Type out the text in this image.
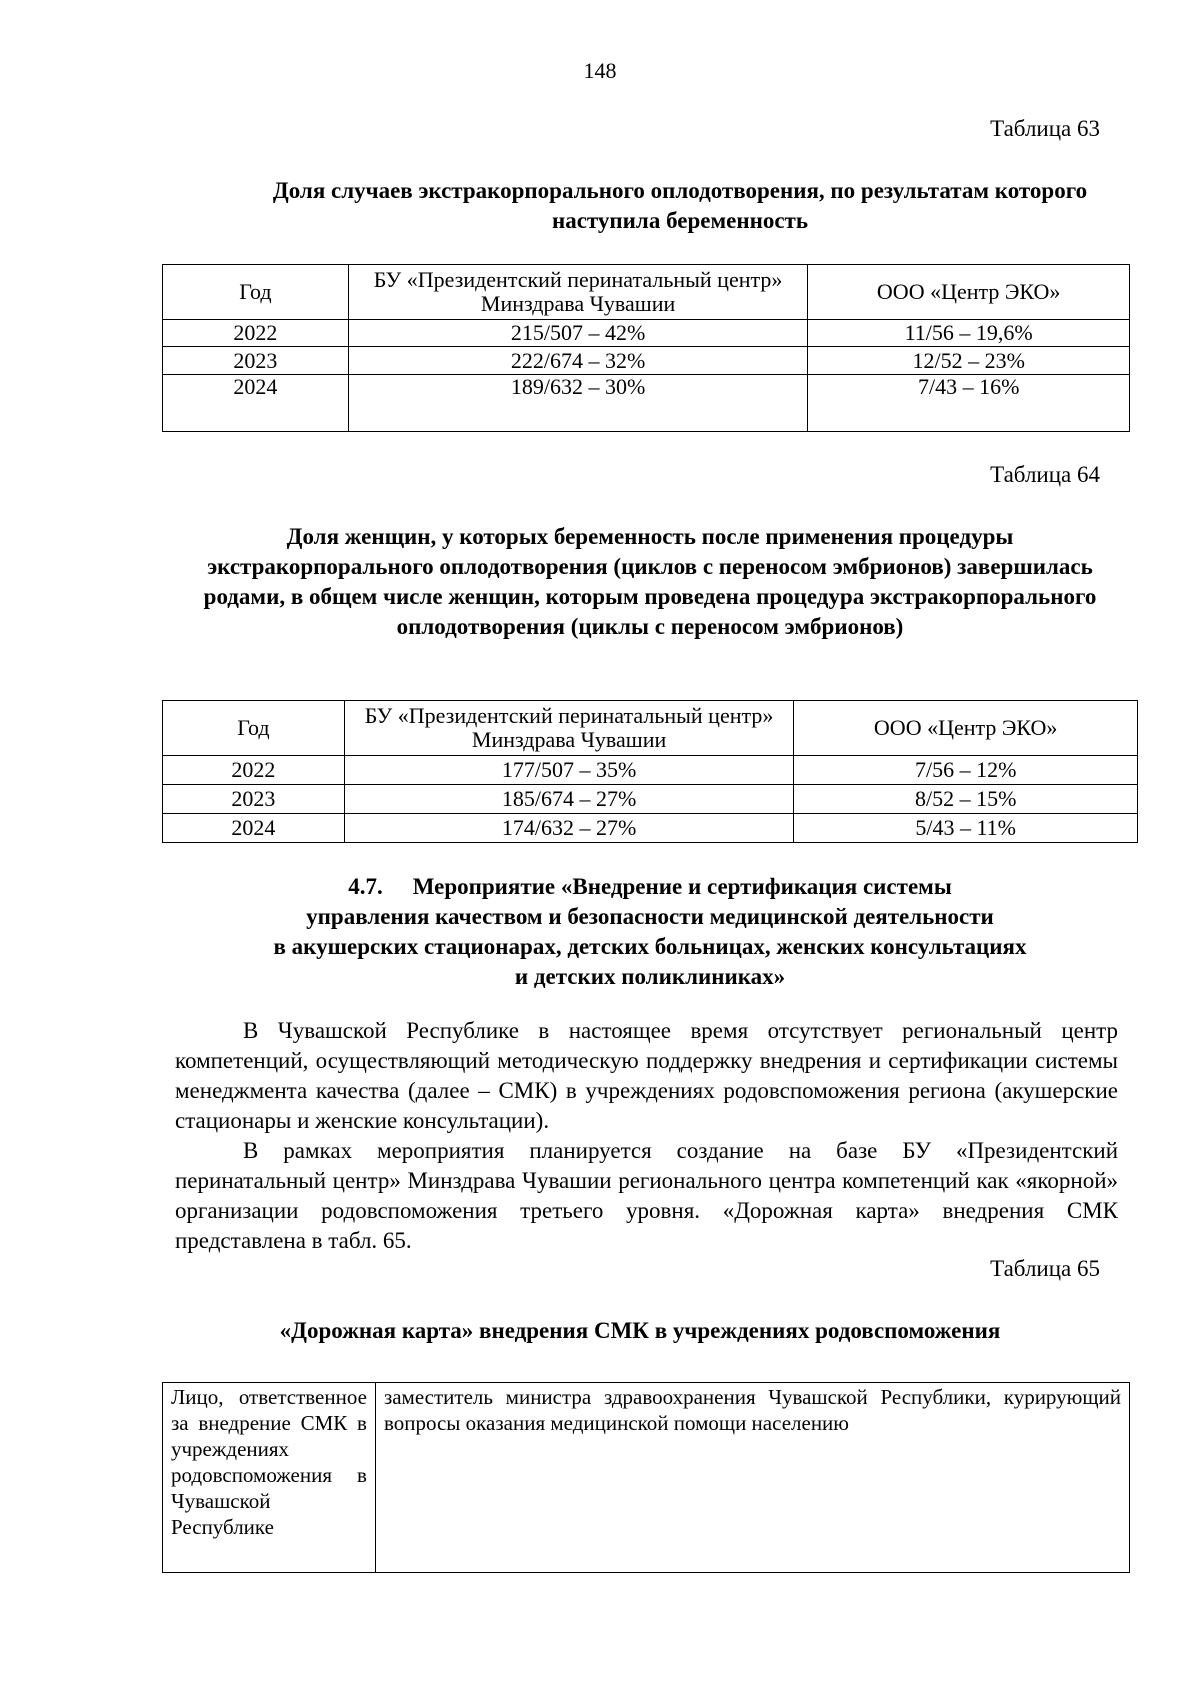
148
Таблица 63
Доля случаев экстракорпорального оплодотворения, по результатам которого наступила беременность
Год	БУ «Президентский перинатальный центр» Минздрава Чувашии	ООО «Центр ЭКО»
2022	215/507 – 42%	11/56 – 19,6%
2023	222/674 – 32%	12/52 – 23%
2024	189/632 – 30%	7/43 – 16%
Таблица 64
Доля женщин, у которых беременность после применения процедуры экстракорпорального оплодотворения (циклов с переносом эмбрионов) завершилась родами, в общем числе женщин, которым проведена процедура экстракорпорального оплодотворения (циклы с переносом эмбрионов)
Год	БУ «Президентский перинатальный центр» Минздрава Чувашии	ООО «Центр ЭКО»
2022	177/507 – 35%	7/56 – 12%
2023	185/674 – 27%	8/52 – 15%
2024	174/632 – 27%	5/43 – 11%
4.7. Мероприятие «Внедрение и сертификация системы
управления качеством и безопасности медицинской деятельности
в акушерских стационарах, детских больницах, женских консультациях
и детских поликлиниках»

В Чувашской Республике в настоящее время отсутствует региональный центр компетенций, осуществляющий методическую поддержку внедрения и сертификации системы менеджмента качества (далее – СМК) в учреждениях родовспоможения региона (акушерские стационары и женские консультации).

В рамках мероприятия планируется создание на базе БУ «Президентский перинатальный центр» Минздрава Чувашии регионального центра компетенций как «якорной» организации родовспоможения третьего уровня. «Дорожная карта» внедрения СМК представлена в табл. 65.

Таблица 65
«Дорожная карта» внедрения СМК в учреждениях родовспоможения
Лицо, ответственное за внедрение СМК в учреждениях родовспоможения в Чувашской Республике	заместитель министра здравоохранения Чувашской Республики, курирующий вопросы оказания медицинской помощи населению
